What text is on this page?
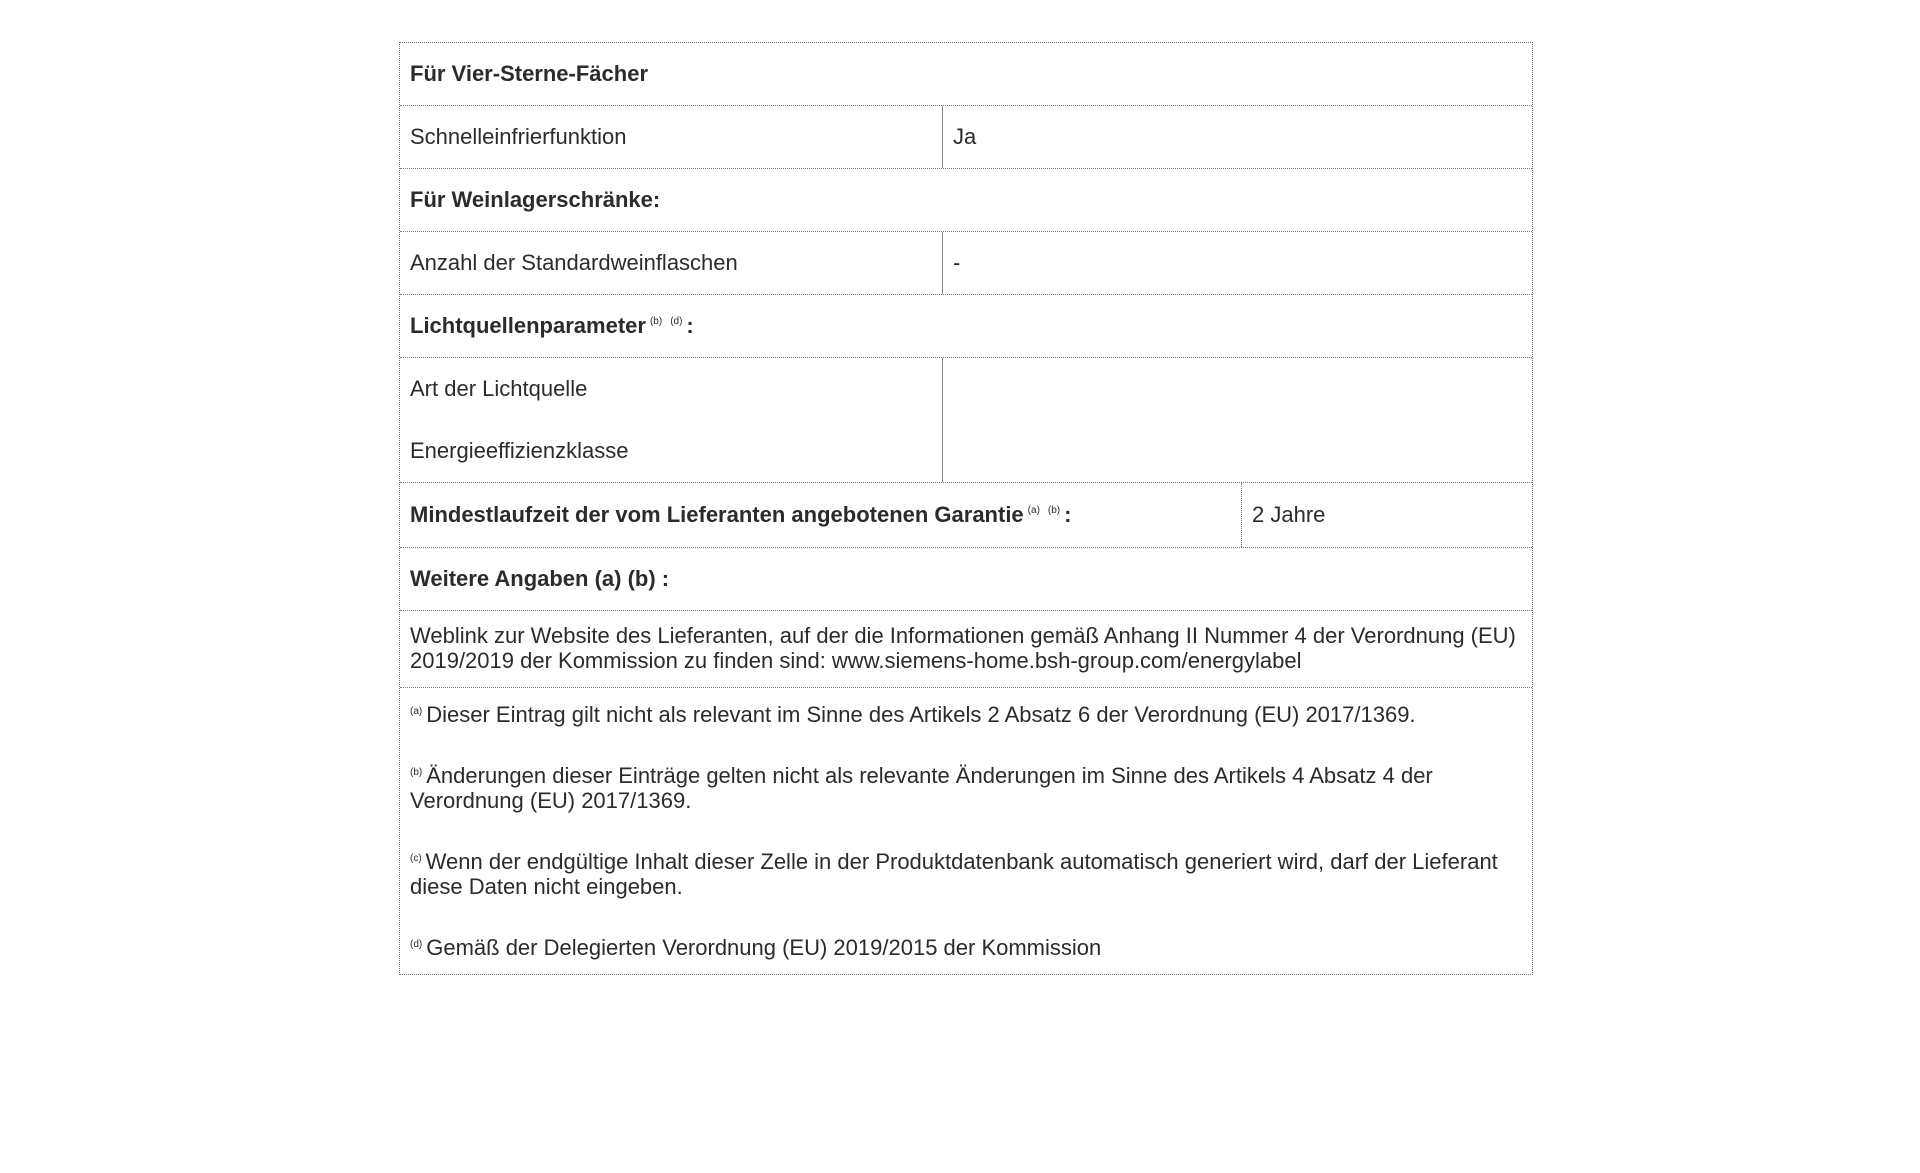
Für Vier-Sterne-Fächer
Schnelleinfrierfunktion	Ja
Für Weinlagerschränke:
Anzahl der Standardweinflaschen	-
Lichtquellenparameter $^{(b)}$ $^{(d)}$ :
Art der Lichtquelle
Energieeffizienzklasse
Mindestlaufzeit der vom Lieferanten angebotenen Garantie $^{(a)}$ $^{(b)}$ :	2 Jahre
Weitere Angaben (a) (b) :
Weblink zur Website des Lieferanten, auf der die Informationen gemäß Anhang II Nummer 4 der Verordnung (EU) 2019/2019 der Kommission zu finden sind: www.siemens-home.bsh-group.com/energylabel
$^{(a)}$ Dieser Eintrag gilt nicht als relevant im Sinne des Artikels 2 Absatz 6 der Verordnung (EU) 2017/1369.
$^{(b)}$ Änderungen dieser Einträge gelten nicht als relevante Änderungen im Sinne des Artikels 4 Absatz 4 der Verordnung (EU) 2017/1369.
$^{(c)}$ Wenn der endgültige Inhalt dieser Zelle in der Produktdatenbank automatisch generiert wird, darf der Lieferant diese Daten nicht eingeben.
$^{(d)}$ Gemäß der Delegierten Verordnung (EU) 2019/2015 der Kommission
